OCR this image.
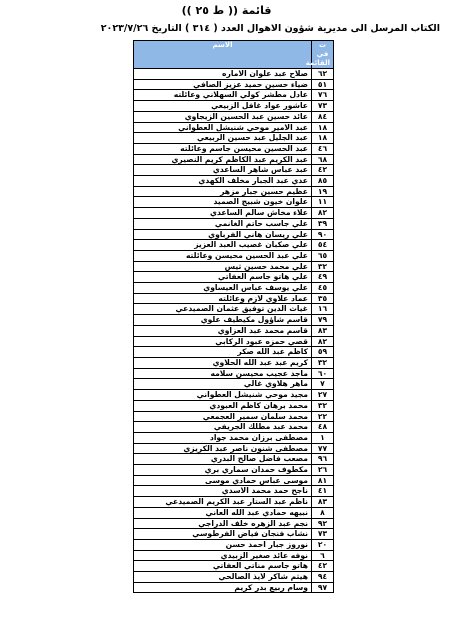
قائمة (( ط ٢٥ ))
الكتاب المرسل الى مديرية شؤون الاهوال العدد ( ٣١٤ ) التاريخ ٢٠٢٣/٧/٢٦
ت في القائمة	الاسم
٦٢	صلاح عبد علوان الاماره
٥١	ضياء حسين حميد عزيز الصافي
٧٦	عادل مطشر كولي السهلاني وعائلته
٧٣	عاشور عواد غافل الزبيعي
٨٤	عائد حسين عبد الحسين الزيجاوي
١٨	عبد الامير موحي شنيشل العطواني
١٨	عبد الجليل عبد حسين الربيعي
٤٦	عبد الحسين محيسن جاسم وعائلته
٦٨	عبد الكريم عبد الكاظم كريم النصيري
٤٢	عبد عباس شاهر الساعدي
٨٥	عدي عبد الجبار مخلف الكهدي
١٩	عظيم حسين جبار مزهر
١١	علوان خيون شبيج الصميد
٨٢	علاء مخاش سالم الساعدي
٣٩	علي جاسب حاتم الغانمي
٩٠	علي ريسان هاني الفرباوي
٥٤	علي صكبان غصيب العبد العزيز
٦٥	علي عبد الحسين محيسن وعائلته
٣٢	علي محمد حسين ثيس
٤٩	علي هاتو جاسم العفاتي
٤٥	علي يوسف عباس العيساوي
٣٥	عماد علاوي لازم وعائلته
١٦	غياث الدين توفيق عثمان الصميدعي
٧٩	قاسم شاؤول مكيطيف علوي
٨٣	قاسم محمد عبد العزاوي
٨٢	قصي حمزه عبود الركابي
٥٩	كاظم عبد الله صكر
٣٢	كريم عبد عبد الله الحلاوي
٦٠	ماجد عجيب محيسن سلامه
٧	ماهر هلاوي غالي
٢٧	مجيد موحي شنيشل العطواني
٣٢	محمد برهان كاظم العبودي
٢٢	محمد سلمان سمير العجمعي
٤٨	محمد عبد مطلك الجريفي
١	مصطفى برزان محمد جواد
٧٧	مصطفى شنون ناصر عبد الكريزي
٩٦	مصعب فاضل صالح البدري
٢٦	مكطوف حمدان سماري بري
٨١	موسى عباس حمادي موسى
٤١	ناجح حمد محمد الاسدي
٨٣	ناظم عبد الستار عبد الكريم الصميدعي
٨	نبيهه حمادي عبد الله العاني
٩٢	نجم عبد الزهره خلف الدراجي
٧٣	نشاب فنجان فياض الفرطوسي
٢٠	نوروز جبار احمد حسن
٦	نوفه عائد صغير الزبيدي
٤٢	هاتو جاسم مناتي العفاتي
٩٤	هيثم شاكر لايذ الصالحي
٩٧	وسام ربيع بدر كريم
